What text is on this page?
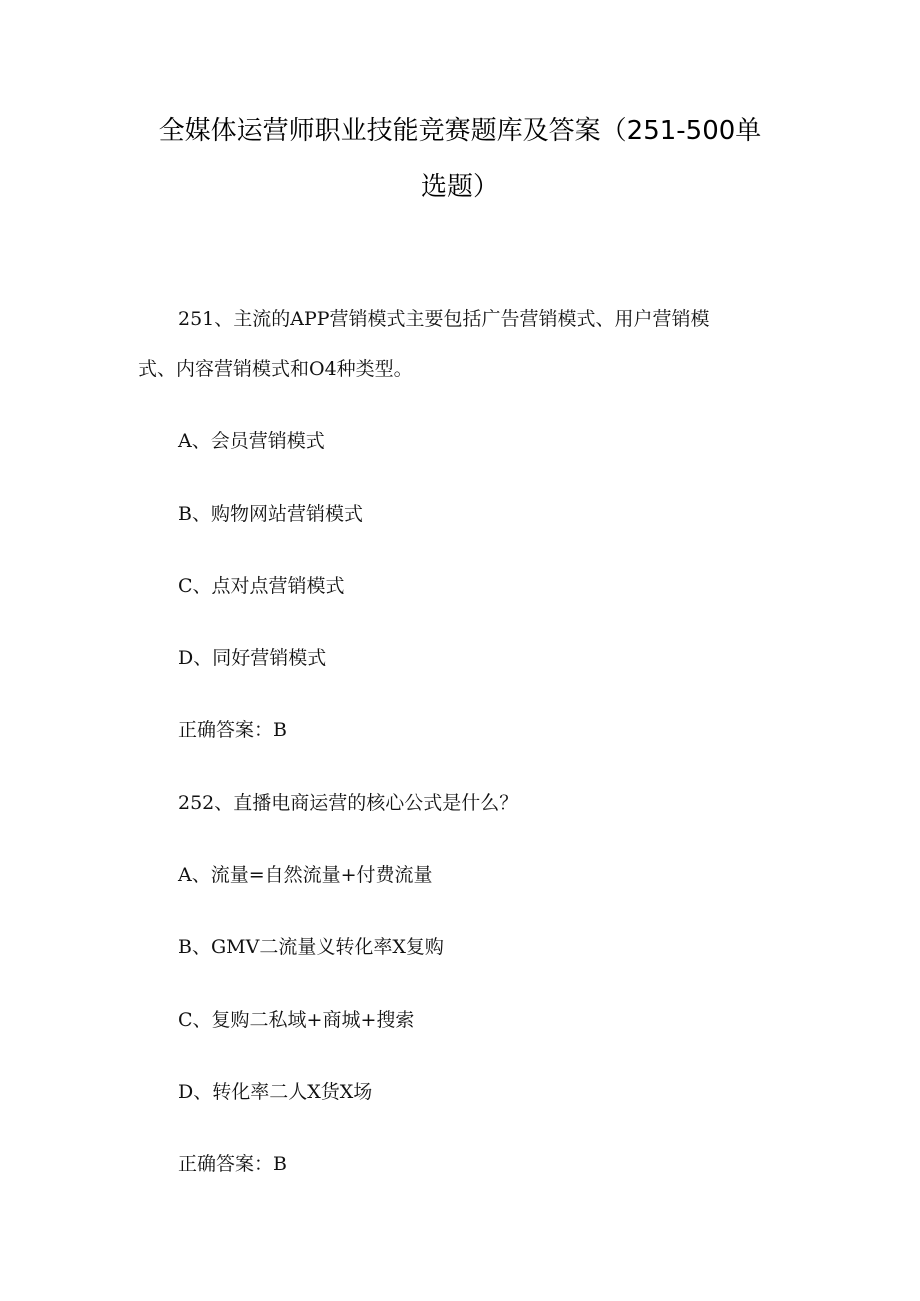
全媒体运营师职业技能竞赛题库及答案（251-500单
选题）
251、主流的APP营销模式主要包括广告营销模式、用户营销模
式、内容营销模式和O4种类型。
A、会员营销模式
B、购物网站营销模式
C、点对点营销模式
D、同好营销模式
正确答案：B
252、直播电商运营的核心公式是什么？
A、流量=自然流量+付费流量
B、GMV二流量义转化率X复购
C、复购二私域+商城+搜索
D、转化率二人X货X场
正确答案：B
